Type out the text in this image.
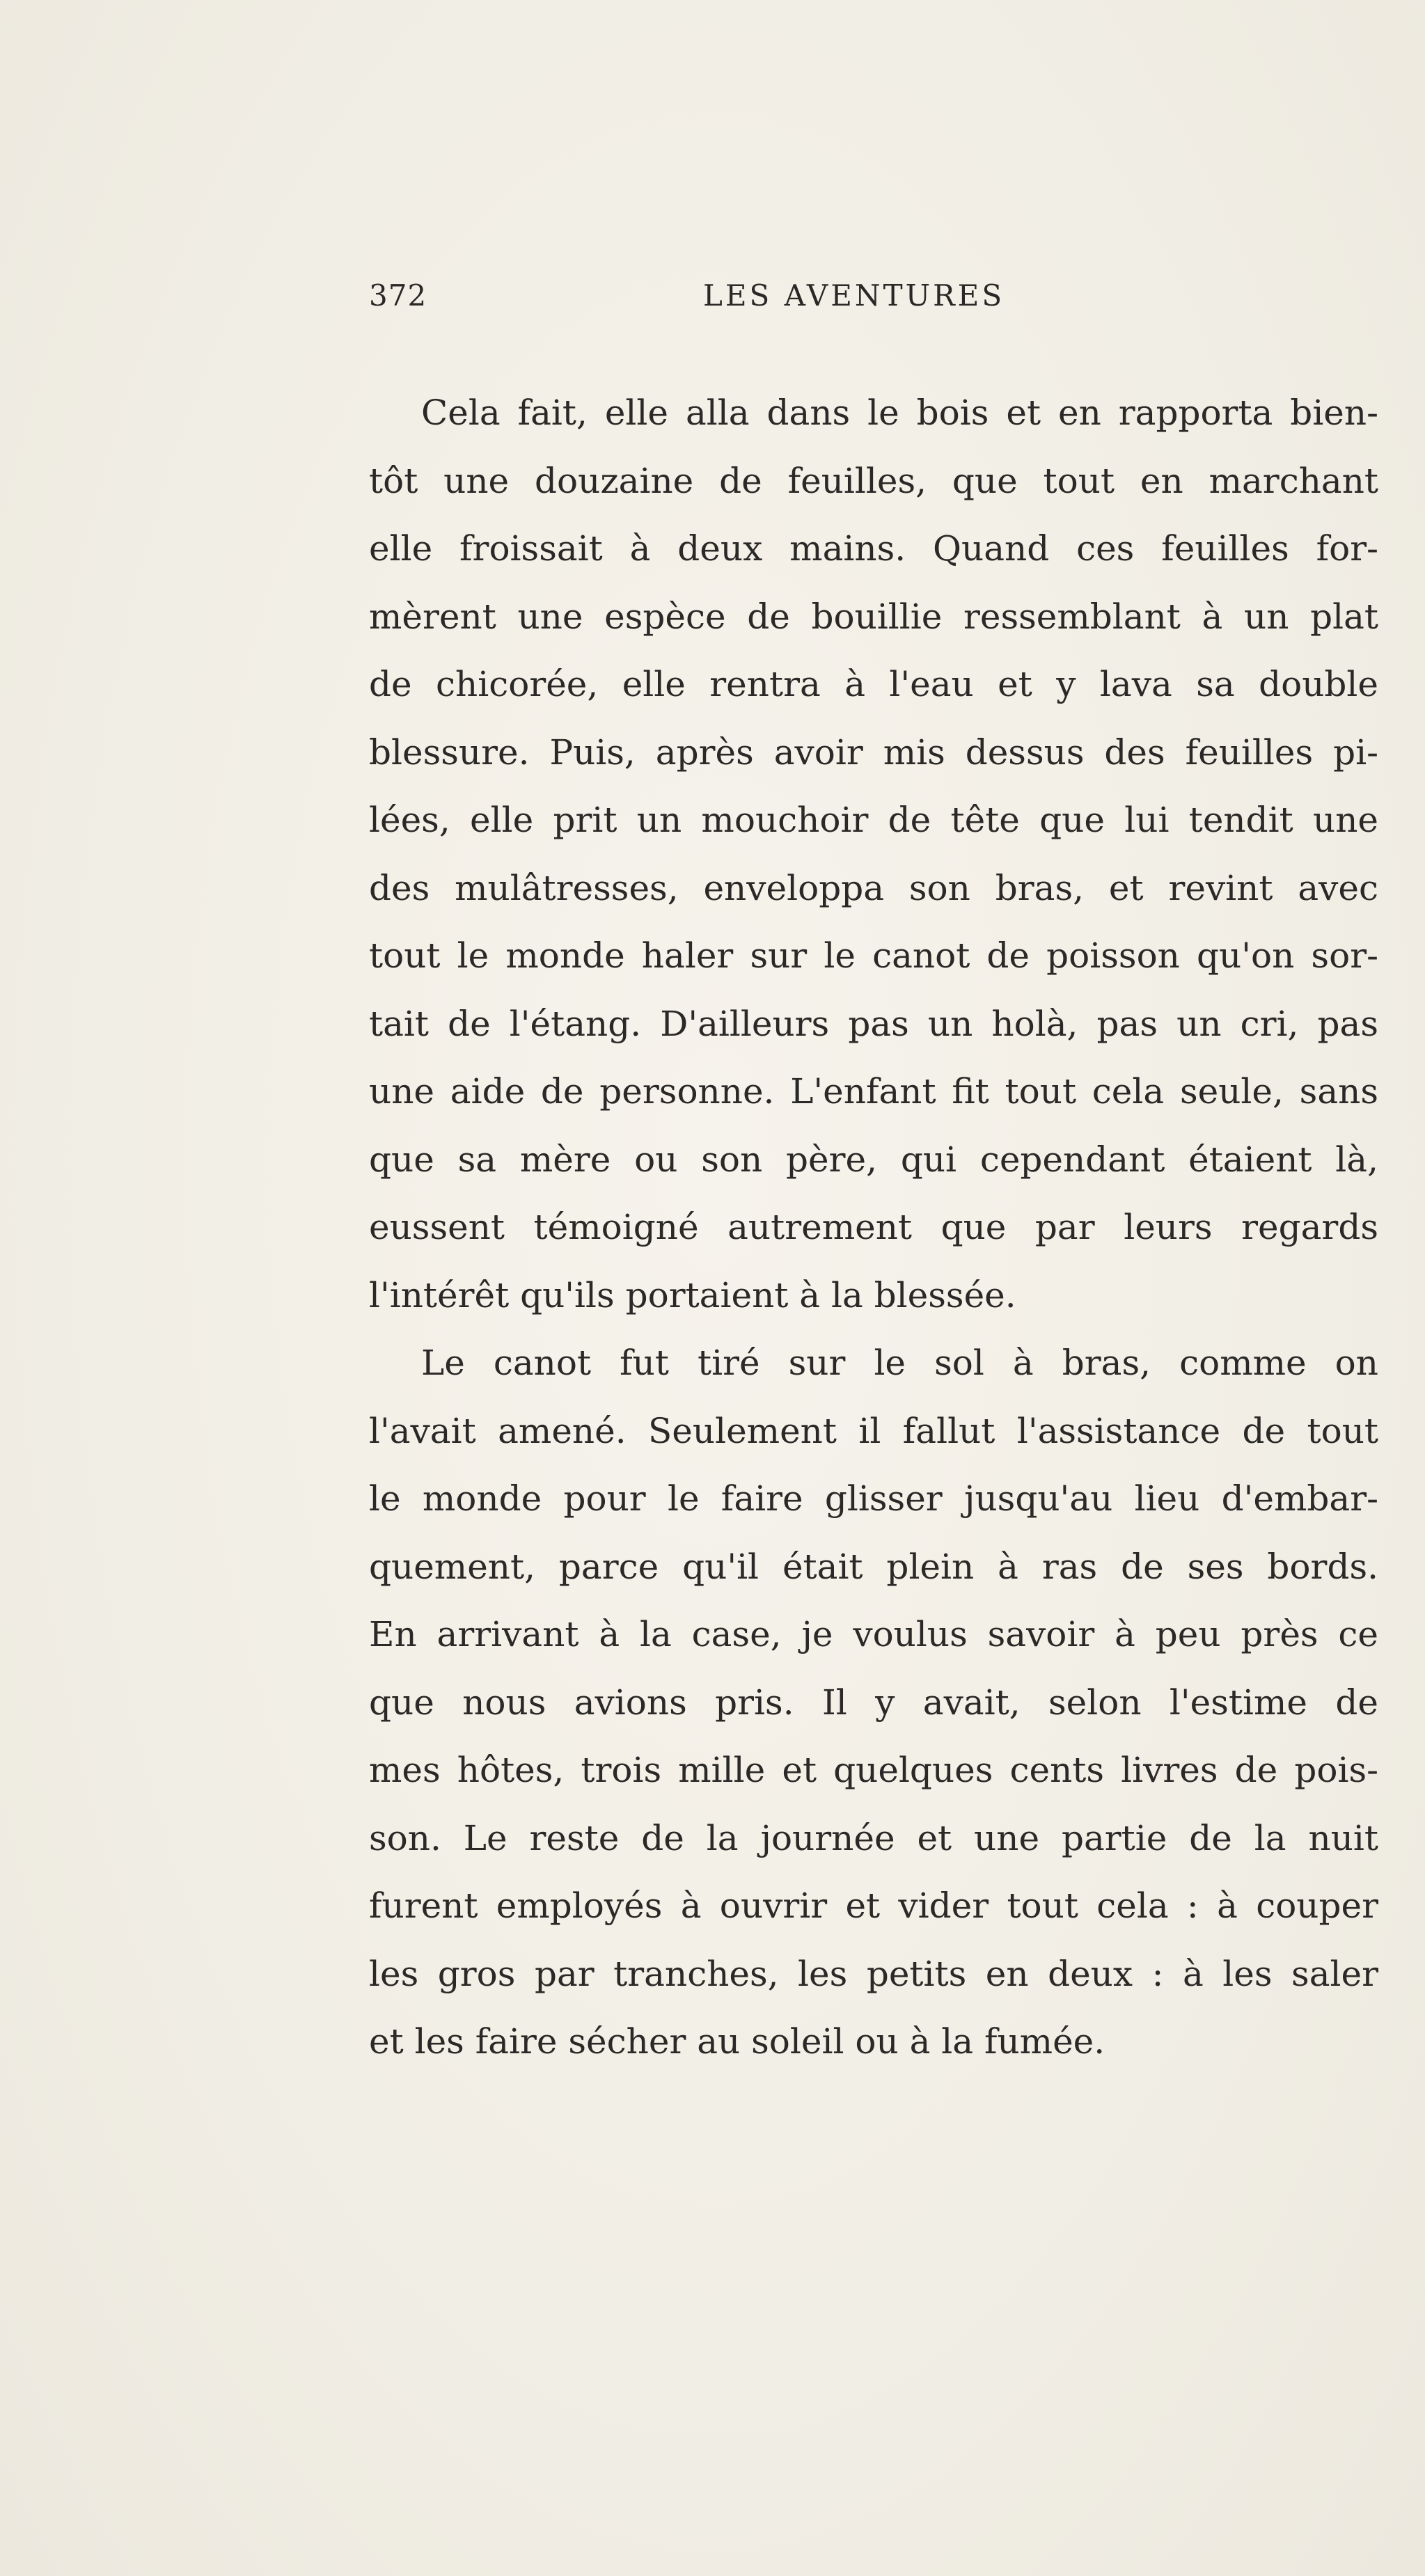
372	LES AVENTURES
Cela fait, elle alla dans le bois et en rapporta bien-
tôt une douzaine de feuilles, que tout en marchant
elle froissait à deux mains. Quand ces feuilles for-
mèrent une espèce de bouillie ressemblant à un plat
de chicorée, elle rentra à l'eau et y lava sa double
blessure. Puis, après avoir mis dessus des feuilles pi-
lées, elle prit un mouchoir de tête que lui tendit une
des mulâtresses, enveloppa son bras, et revint avec
tout le monde haler sur le canot de poisson qu'on sor-
tait de l'étang. D'ailleurs pas un holà, pas un cri, pas
une aide de personne. L'enfant fit tout cela seule, sans
que sa mère ou son père, qui cependant étaient là,
eussent témoigné autrement que par leurs regards
l'intérêt qu'ils portaient à la blessée.
Le canot fut tiré sur le sol à bras, comme on
l'avait amené. Seulement il fallut l'assistance de tout
le monde pour le faire glisser jusqu'au lieu d'embar-
quement, parce qu'il était plein à ras de ses bords.
En arrivant à la case, je voulus savoir à peu près ce
que nous avions pris. Il y avait, selon l'estime de
mes hôtes, trois mille et quelques cents livres de pois-
son. Le reste de la journée et une partie de la nuit
furent employés à ouvrir et vider tout cela : à couper
les gros par tranches, les petits en deux : à les saler
et les faire sécher au soleil ou à la fumée.
